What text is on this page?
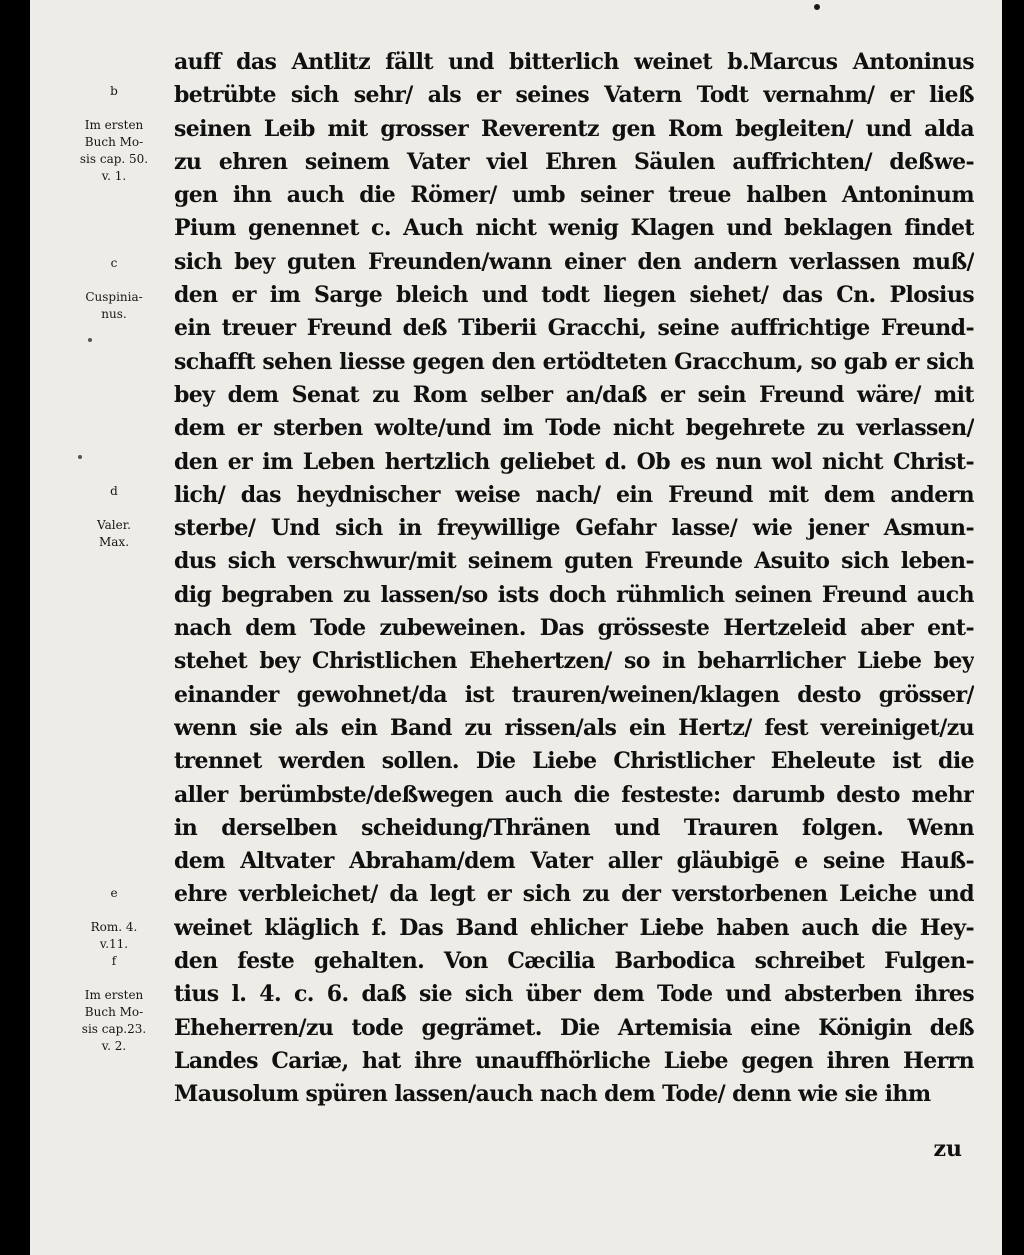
b

Im ersten
Buch Mo-
sis cap. 50.
v. 1.

c

Cuspinia-
nus.

d

Valer.
Max.

e

Rom. 4.
v.11.

f

Im ersten
Buch Mo-
sis cap.23.
v. 2.

auff das Antlitz fällt und bitterlich weinet b.Marcus Antoninus
betrübte sich sehr/ als er seines Vatern Todt vernahm/ er ließ
seinen Leib mit grosser Reverentz gen Rom begleiten/ und alda
zu ehren seinem Vater viel Ehren Säulen auffrichten/ deßwe-
gen ihn auch die Römer/ umb seiner treue halben Antoninum
Pium genennet c. Auch nicht wenig Klagen und beklagen findet
sich bey guten Freunden/wann einer den andern verlassen muß/
den er im Sarge bleich und todt liegen siehet/ das Cn. Plosius
ein treuer Freund deß Tiberii Gracchi, seine auffrichtige Freund-
schafft sehen liesse gegen den ertödteten Gracchum, so gab er sich
bey dem Senat zu Rom selber an/daß er sein Freund wäre/ mit
dem er sterben wolte/und im Tode nicht begehrete zu verlassen/
den er im Leben hertzlich geliebet d. Ob es nun wol nicht Christ-
lich/ das heydnischer weise nach/ ein Freund mit dem andern
sterbe/ Und sich in freywillige Gefahr lasse/ wie jener Asmun-
dus sich verschwur/mit seinem guten Freunde Asuito sich leben-
dig begraben zu lassen/so ists doch rühmlich seinen Freund auch
nach dem Tode zubeweinen. Das grösseste Hertzeleid aber ent-
stehet bey Christlichen Ehehertzen/ so in beharrlicher Liebe bey
einander gewohnet/da ist trauren/weinen/klagen desto grösser/
wenn sie als ein Band zu rissen/als ein Hertz/ fest vereiniget/zu
trennet werden sollen. Die Liebe Christlicher Eheleute ist die
aller berümbste/deßwegen auch die festeste: darumb desto mehr
in derselben scheidung/Thränen und Trauren folgen. Wenn
dem Altvater Abraham/dem Vater aller gläubigē e seine Hauß-
ehre verbleichet/ da legt er sich zu der verstorbenen Leiche und
weinet kläglich f. Das Band ehlicher Liebe haben auch die Hey-
den feste gehalten. Von Cæcilia Barbodica schreibet Fulgen-
tius l. 4. c. 6. daß sie sich über dem Tode und absterben ihres
Eheherren/zu tode gegrämet. Die Artemisia eine Königin deß
Landes Cariæ, hat ihre unauffhörliche Liebe gegen ihren Herrn
Mausolum spüren lassen/auch nach dem Tode/ denn wie sie ihm
zu
